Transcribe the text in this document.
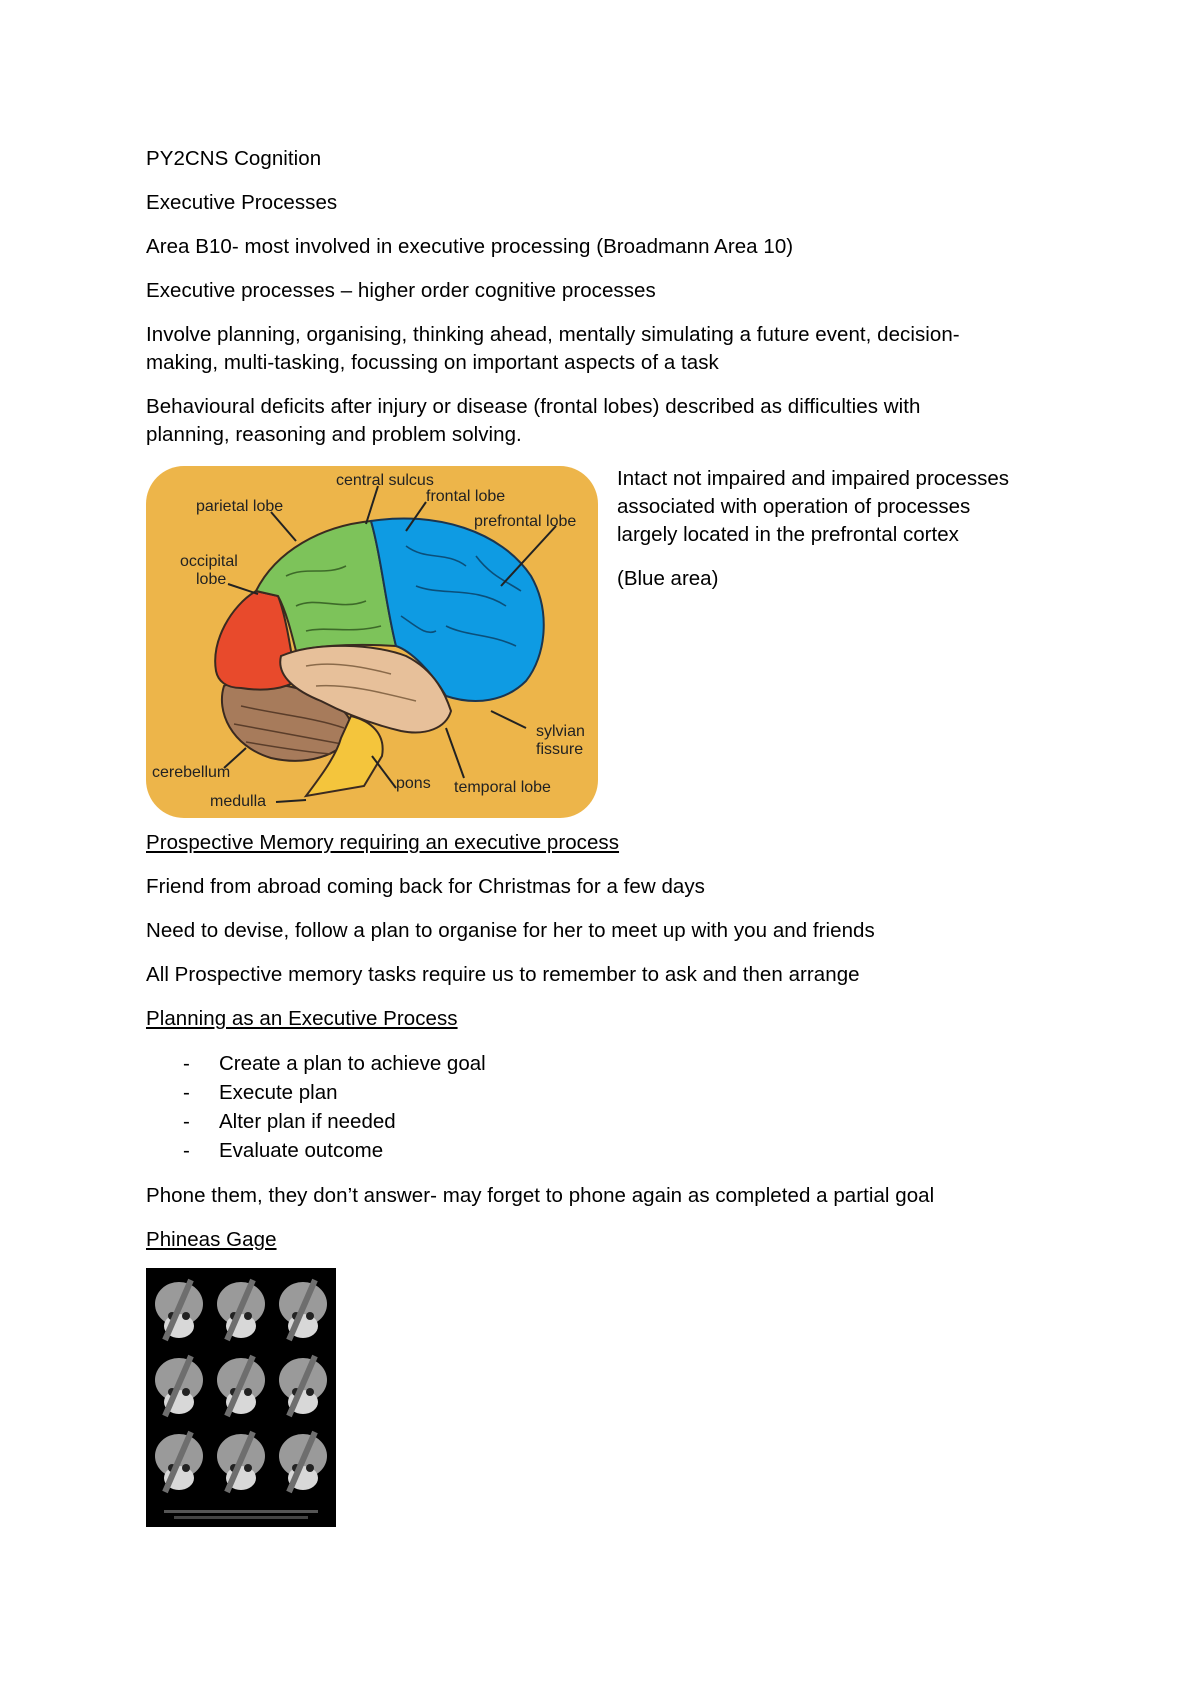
PY2CNS Cognition
Executive Processes
Area B10- most involved in executive processing (Broadmann Area 10)
Executive processes – higher order cognitive processes
Involve planning, organising, thinking ahead, mentally simulating a future event, decision-
making, multi-tasking, focussing on important aspects of a task
Behavioural deficits after injury or disease (frontal lobes) described as difficulties with
planning, reasoning and problem solving.
central sulcus
frontal lobe
parietal lobe
prefrontal lobe
occipital
lobe
sylvian
fissure
cerebellum
pons temporal lobe
medulla
Intact not impaired and impaired processes
associated with operation of processes
largely located in the prefrontal cortex
(Blue area)
Prospective Memory requiring an executive process
Friend from abroad coming back for Christmas for a few days
Need to devise, follow a plan to organise for her to meet up with you and friends
All Prospective memory tasks require us to remember to ask and then arrange
Planning as an Executive Process
- Create a plan to achieve goal
- Execute plan
- Alter plan if needed
- Evaluate outcome
Phone them, they don’t answer- may forget to phone again as completed a partial goal
Phineas Gage
